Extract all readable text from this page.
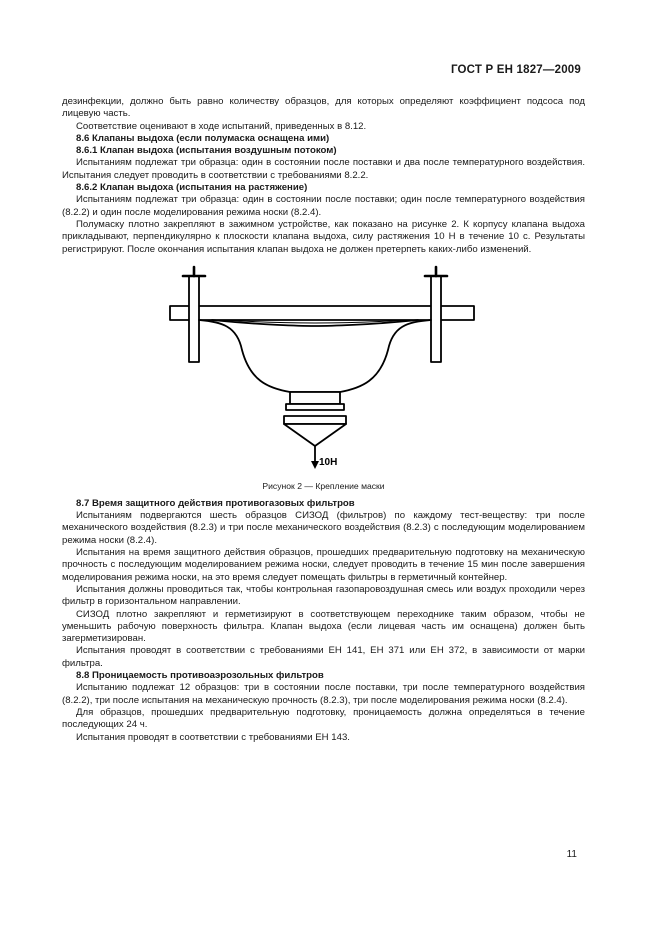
ГОСТ Р ЕН 1827—2009

дезинфекции, должно быть равно количеству образцов, для которых определяют коэффициент подсоса под лицевую часть.

Соответствие оценивают в ходе испытаний, приведенных в 8.12.

8.6 Клапаны выдоха (если полумаска оснащена ими)

8.6.1 Клапан выдоха (испытания воздушным потоком)

Испытаниям подлежат три образца: один в состоянии после поставки и два после температурного воздействия. Испытания следует проводить в соответствии с требованиями 8.2.2.

8.6.2 Клапан выдоха (испытания на растяжение)

Испытаниям подлежат три образца: один в состоянии после поставки; один после температурного воздействия (8.2.2) и один после моделирования режима носки (8.2.4).

Полумаску плотно закрепляют в зажимном устройстве, как показано на рисунке 2. К корпусу клапана выдоха прикладывают, перпендикулярно к плоскости клапана выдоха, силу растяжения 10 Н в течение 10 с. Результаты регистрируют. После окончания испытания клапан выдоха не должен претерпеть каких-либо изменений.

10Н
Рисунок 2 — Крепление маски

8.7 Время защитного действия противогазовых фильтров

Испытаниям подвергаются шесть образцов СИЗОД (фильтров) по каждому тест-веществу: три после механического воздействия (8.2.3) и три после механического воздействия (8.2.3) с последующим моделированием режима носки (8.2.4).

Испытания на время защитного действия образцов, прошедших предварительную подготовку на механическую прочность с последующим моделированием режима носки, следует проводить в течение 15 мин после завершения моделирования режима носки, на это время следует помещать фильтры в герметичный контейнер.

Испытания должны проводиться так, чтобы контрольная газопаровоздушная смесь или воздух проходили через фильтр в горизонтальном направлении.

СИЗОД плотно закрепляют и герметизируют в соответствующем переходнике таким образом, чтобы не уменьшить рабочую поверхность фильтра. Клапан выдоха (если лицевая часть им оснащена) должен быть загерметизирован.

Испытания проводят в соответствии с требованиями ЕН 141, ЕН 371 или ЕН 372, в зависимости от марки фильтра.

8.8 Проницаемость противоаэрозольных фильтров

Испытанию подлежат 12 образцов: три в состоянии после поставки, три после температурного воздействия (8.2.2), три после испытания на механическую прочность (8.2.3), три после моделирования режима носки (8.2.4).

Для образцов, прошедших предварительную подготовку, проницаемость должна определяться в течение последующих 24 ч.

Испытания проводят в соответствии с требованиями ЕН 143.

11
